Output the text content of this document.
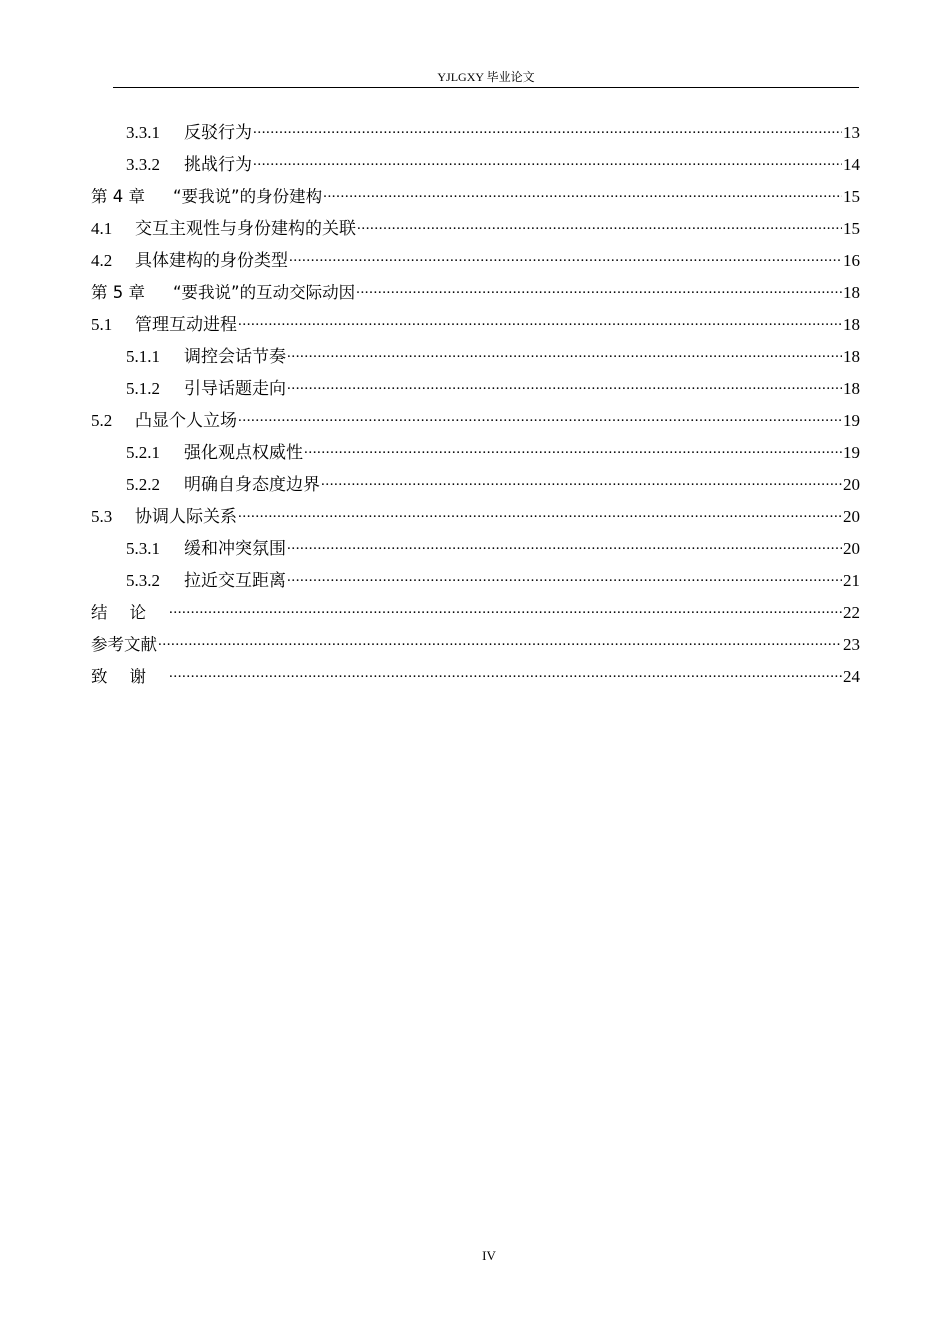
YJLGXY 毕业论文
3.3.1	反驳行为 .....	13
3.3.2	挑战行为 .....	14
第 4 章	“要我说”的身份建构 .....	15
4.1	交互主观性与身份建构的关联 .....	15
4.2	具体建构的身份类型 .....	16
第 5 章	“要我说”的互动交际动因 .....	18
5.1	管理互动进程 .....	18
5.1.1	调控会话节奏 .....	18
5.1.2	引导话题走向 .....	18
5.2	凸显个人立场 .....	19
5.2.1	强化观点权威性 .....	19
5.2.2	明确自身态度边界 .....	20
5.3	协调人际关系 .....	20
5.3.1	缓和冲突氛围 .....	20
5.3.2	拉近交互距离 .....	21
结论 .....	22
参考文献 .....	23
致谢 .....	24
IV
